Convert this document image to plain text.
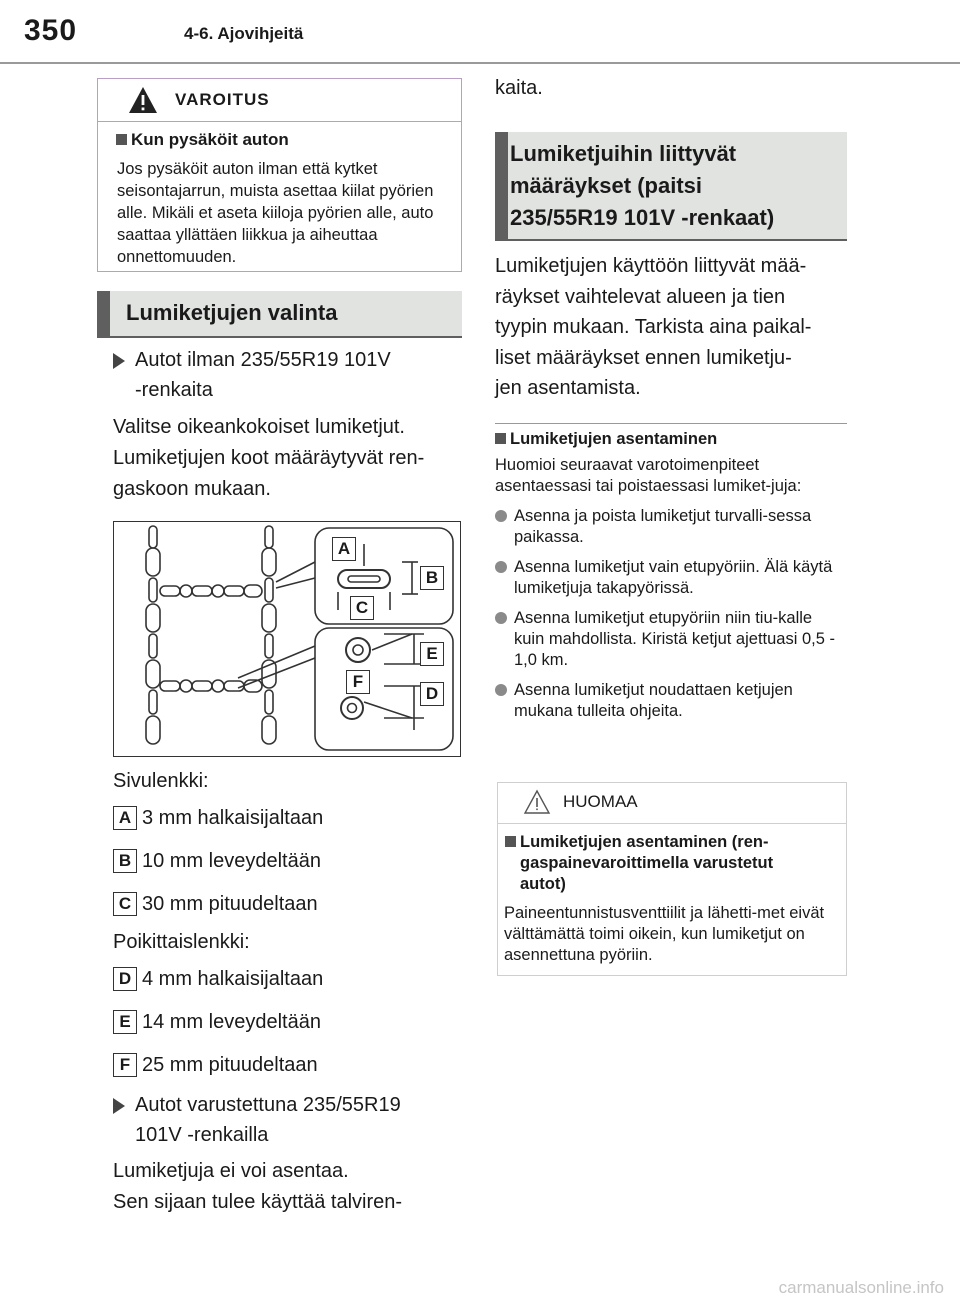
350	4-6. Ajovihjeitä
VAROITUS
Kun pysäköit auton
Jos pysäköit auton ilman että kytket seisontajarrun, muista asettaa kiilat pyörien alle. Mikäli et aseta kiiloja pyörien alle, auto saattaa yllättäen liikkua ja aiheuttaa onnettomuuden.
Lumiketjujen valinta
Autot ilman 235/55R19 101V
-renkaita
Valitse oikeankokoiset lumiketjut.
Lumiketjujen koot määräytyvät ren-
gaskoon mukaan.
A
B
C
E
F
D
Sivulenkki:
A 3 mm halkaisijaltaan
B 10 mm leveydeltään
C 30 mm pituudeltaan
Poikittaislenkki:
D 4 mm halkaisijaltaan
E 14 mm leveydeltään
F 25 mm pituudeltaan
Autot varustettuna 235/55R19
101V -renkailla
Lumiketjuja ei voi asentaa.
Sen sijaan tulee käyttää talviren-
kaita.
Lumiketjuihin liittyvät
määräykset (paitsi
235/55R19 101V -renkaat)
Lumiketjujen käyttöön liittyvät mää-
räykset vaihtelevat alueen ja tien
tyypin mukaan. Tarkista aina paikal-
liset määräykset ennen lumiketju-
jen asentamista.
Lumiketjujen asentaminen
Huomioi seuraavat varotoimenpiteet asentaessasi tai poistaessasi lumiket-juja:
Asenna ja poista lumiketjut turvalli-sessa paikassa.
Asenna lumiketjut vain etupyöriin. Älä käytä lumiketjuja takapyörissä.
Asenna lumiketjut etupyöriin niin tiu-kalle kuin mahdollista. Kiristä ketjut ajettuasi 0,5 - 1,0 km.
Asenna lumiketjut noudattaen ketjujen mukana tulleita ohjeita.
HUOMAA
Lumiketjujen asentaminen (ren-gaspainevaroittimella varustetut autot)
Paineentunnistusventtiilit ja lähetti-met eivät välttämättä toimi oikein, kun lumiketjut on asennettuna pyöriin.
carmanualsonline.info
